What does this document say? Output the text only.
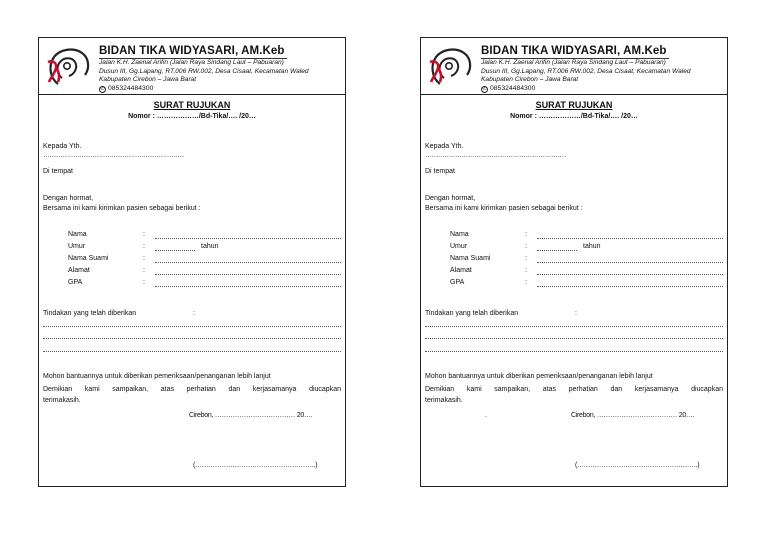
BIDAN TIKA WIDYASARI, AM.Keb
Jalan K.H. Zaenal Arifin (Jalan Raya Sindang Laut – Pabuaran)
Dusun III, Gg.Lapang, RT.006 RW.002, Desa Cisaat, Kecamatan Waled
Kabupaten Cirebon – Jawa Barat
✆ 085324484300
SURAT RUJUKAN
Nomor : ………………/Bd-Tika/…. /20…
Kepada Yth.
…………………………………………………………
Di tempat
Dengan hormat,
Bersama ini kami kirimkan pasien sebagai berikut :
Nama	:
Umur	:	tahun
Nama Suami	:
Alamat	:
GPA	:
Tindakan yang telah diberikan	:
Mohon bantuannya untuk diberikan pemeriksaan/penanganan lebih lanjut
Demikian kami sampaikan, atas perhatian dan kerjasamanya diucapkan
terimakasih.
Cirebon, ……………………………… 20….
(……………………………………………….)
BIDAN TIKA WIDYASARI, AM.Keb
Jalan K.H. Zaenal Arifin (Jalan Raya Sindang Laut – Pabuaran)
Dusun III, Gg.Lapang, RT.006 RW.002, Desa Cisaat, Kecamatan Waled
Kabupaten Cirebon – Jawa Barat
✆ 085324484300
SURAT RUJUKAN
Nomor : ………………/Bd-Tika/…. /20…
Kepada Yth.
…………………………………………………………
Di tempat
Dengan hormat,
Bersama ini kami kirimkan pasien sebagai berikut :
Nama	:
Umur	:	tahun
Nama Suami	:
Alamat	:
GPA	:
Tindakan yang telah diberikan	:
Mohon bantuannya untuk diberikan pemeriksaan/penanganan lebih lanjut
Demikian kami sampaikan, atas perhatian dan kerjasamanya diucapkan
terimakasih.
.	Cirebon, ……………………………… 20….
(……………………………………………….)
